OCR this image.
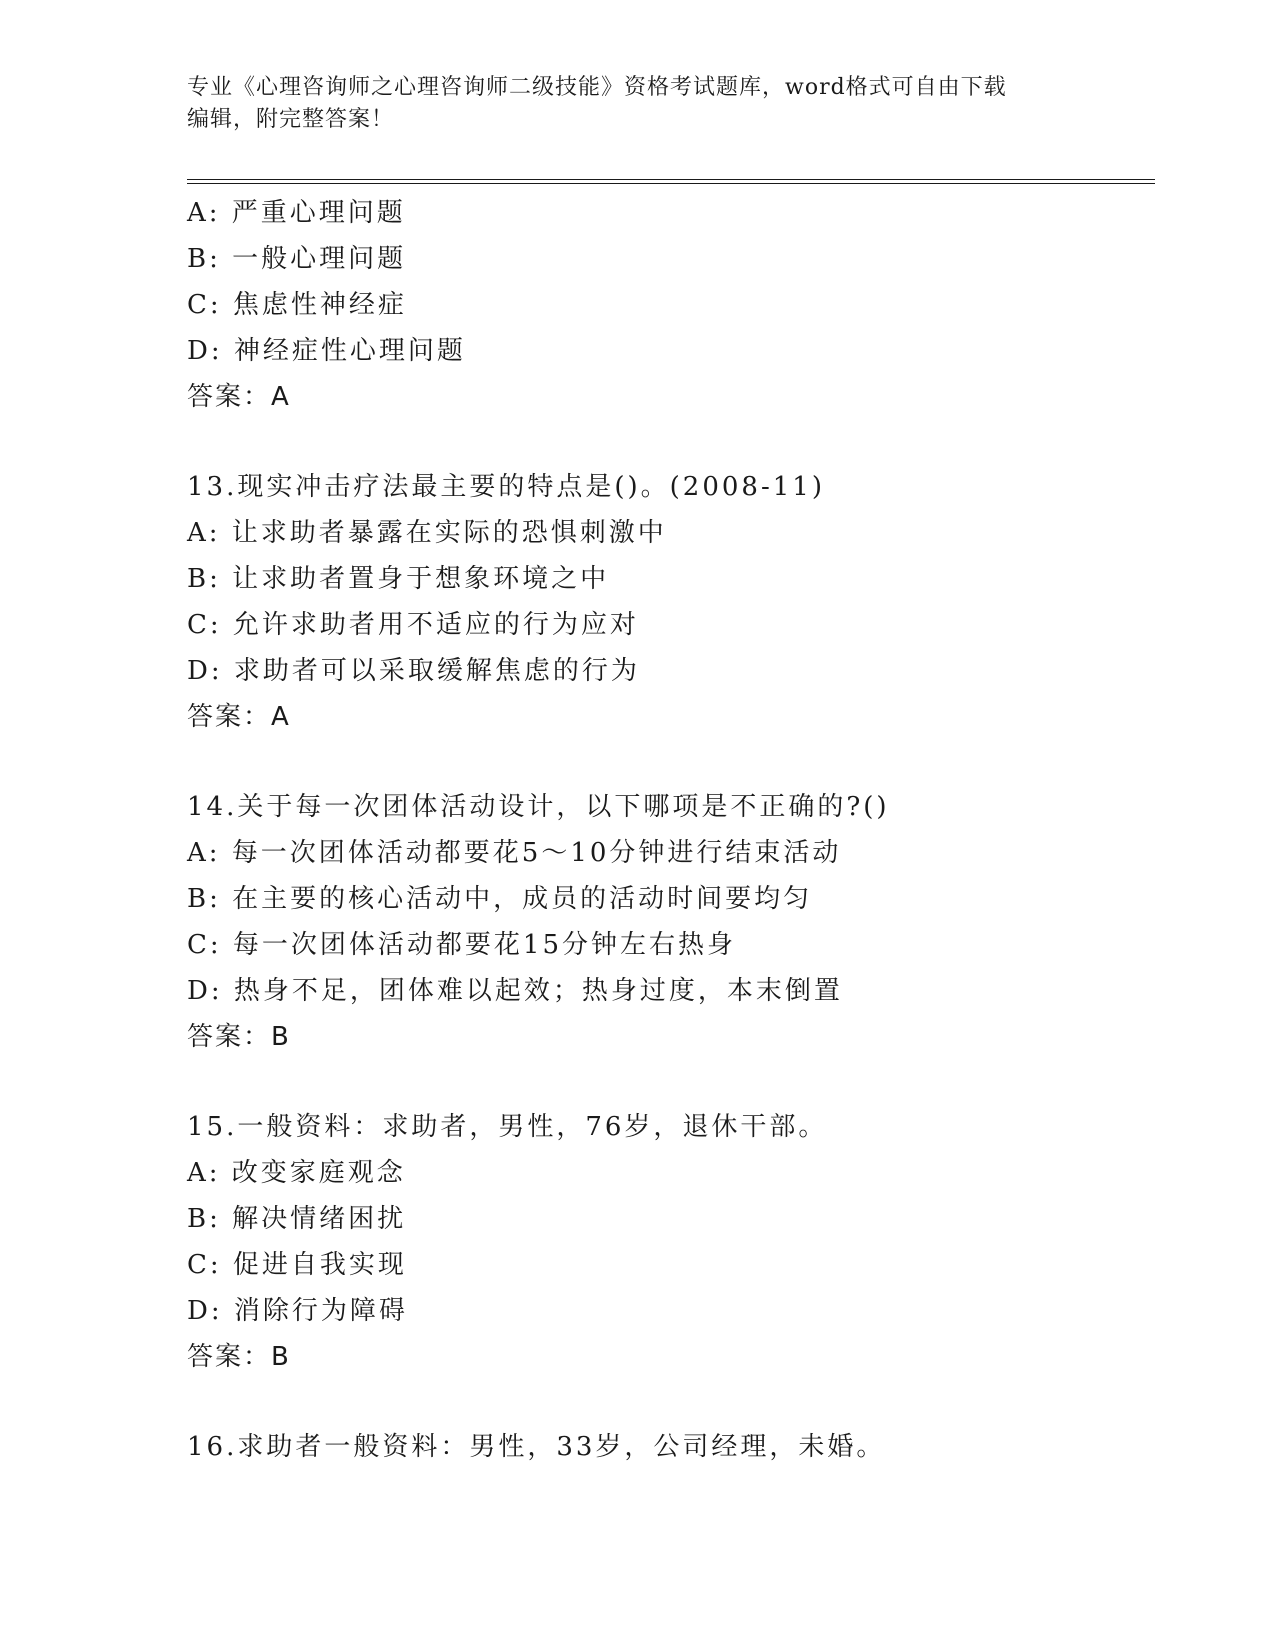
专业《心理咨询师之心理咨询师二级技能》资格考试题库，word格式可自由下载
编辑，附完整答案！
A: 严重心理问题
B: 一般心理问题
C: 焦虑性神经症
D: 神经症性心理问题
答案：A
13.现实冲击疗法最主要的特点是()。(2008-11)
A: 让求助者暴露在实际的恐惧刺激中
B: 让求助者置身于想象环境之中
C: 允许求助者用不适应的行为应对
D: 求助者可以采取缓解焦虑的行为
答案：A
14.关于每一次团体活动设计，以下哪项是不正确的?()
A: 每一次团体活动都要花5～10分钟进行结束活动
B: 在主要的核心活动中，成员的活动时间要均匀
C: 每一次团体活动都要花15分钟左右热身
D: 热身不足，团体难以起效；热身过度，本末倒置
答案：B
15.一般资料：求助者，男性，76岁，退休干部。
A: 改变家庭观念
B: 解决情绪困扰
C: 促进自我实现
D: 消除行为障碍
答案：B
16.求助者一般资料：男性，33岁，公司经理，未婚。
